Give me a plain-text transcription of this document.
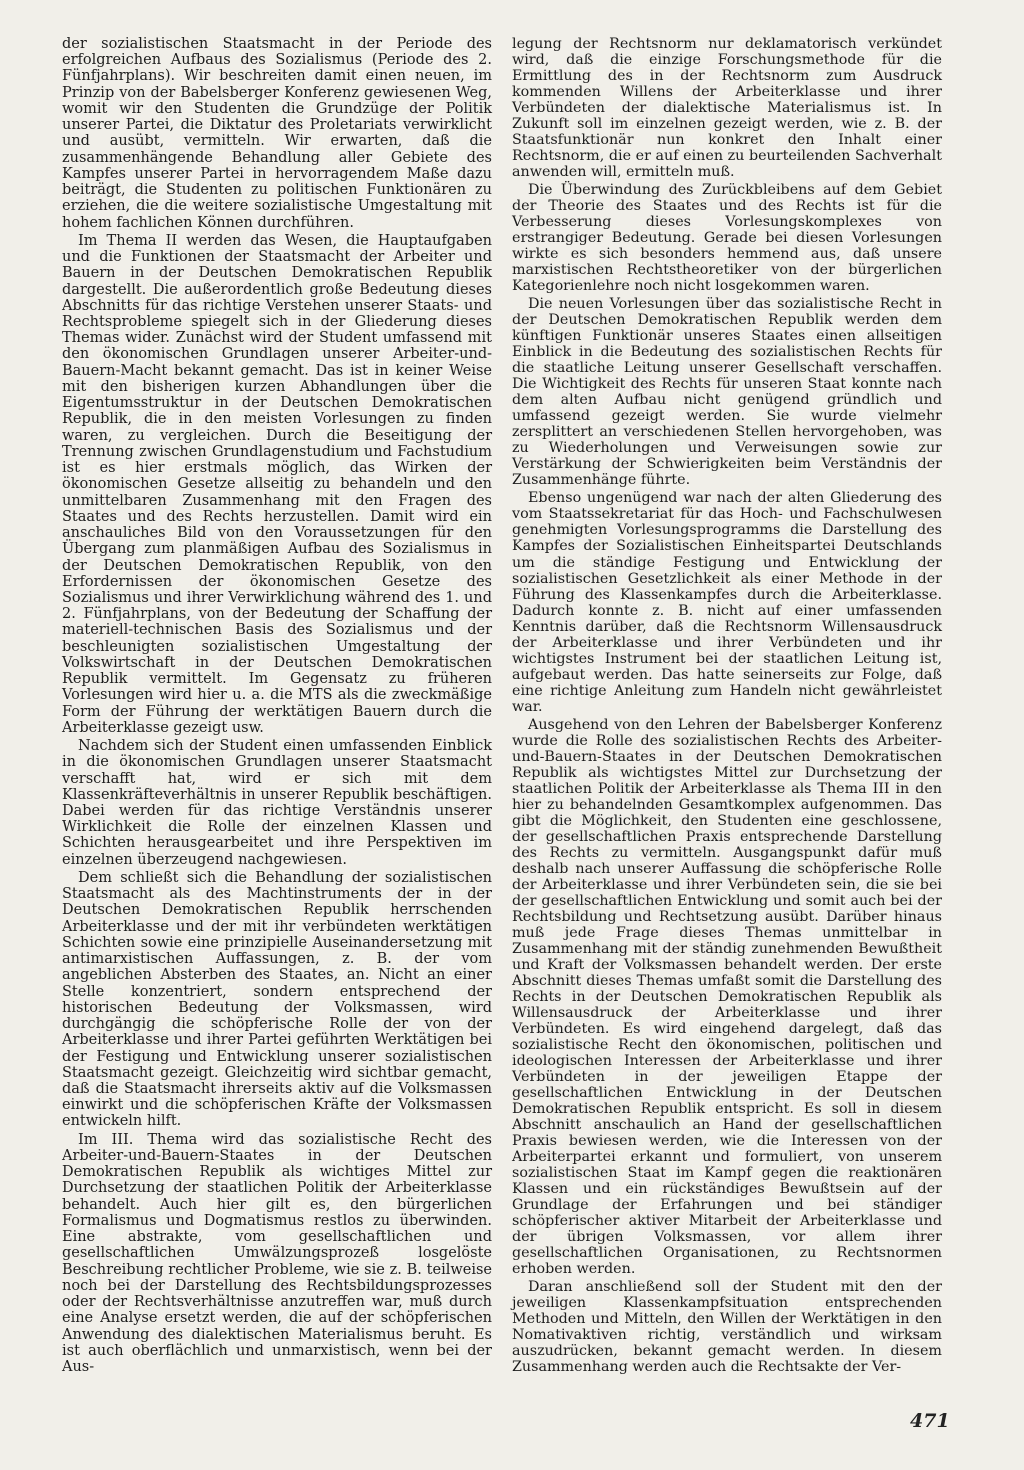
der sozialistischen Staatsmacht in der Periode des erfolgreichen Aufbaus des Sozialismus (Periode des 2. Fünfjahrplans). Wir beschreiten damit einen neuen, im Prinzip von der Babelsberger Konferenz gewiesenen Weg, womit wir den Studenten die Grundzüge der Politik unserer Partei, die Diktatur des Proletariats verwirklicht und ausübt, vermitteln. Wir erwarten, daß die zusammenhängende Behandlung aller Gebiete des Kampfes unserer Partei in hervorragendem Maße dazu beiträgt, die Studenten zu politischen Funktionären zu erziehen, die die weitere sozialistische Umgestaltung mit hohem fachlichen Können durchführen.

Im Thema II werden das Wesen, die Hauptaufgaben und die Funktionen der Staatsmacht der Arbeiter und Bauern in der Deutschen Demokratischen Republik dargestellt. Die außerordentlich große Bedeutung dieses Abschnitts für das richtige Verstehen unserer Staats- und Rechtsprobleme spiegelt sich in der Gliederung dieses Themas wider. Zunächst wird der Student umfassend mit den ökonomischen Grundlagen unserer Arbeiter-und-Bauern-Macht bekannt gemacht. Das ist in keiner Weise mit den bisherigen kurzen Abhandlungen über die Eigentumsstruktur in der Deutschen Demokratischen Republik, die in den meisten Vorlesungen zu finden waren, zu vergleichen. Durch die Beseitigung der Trennung zwischen Grundlagenstudium und Fachstudium ist es hier erstmals möglich, das Wirken der ökonomischen Gesetze allseitig zu behandeln und den unmittelbaren Zusammenhang mit den Fragen des Staates und des Rechts herzustellen. Damit wird ein anschauliches Bild von den Voraussetzungen für den Übergang zum planmäßigen Aufbau des Sozialismus in der Deutschen Demokratischen Republik, von den Erfordernissen der ökonomischen Gesetze des Sozialismus und ihrer Verwirklichung während des 1. und 2. Fünfjahrplans, von der Bedeutung der Schaffung der materiell-technischen Basis des Sozialismus und der beschleunigten sozialistischen Umgestaltung der Volkswirtschaft in der Deutschen Demokratischen Republik vermittelt. Im Gegensatz zu früheren Vorlesungen wird hier u. a. die MTS als die zweckmäßige Form der Führung der werktätigen Bauern durch die Arbeiterklasse gezeigt usw.

Nachdem sich der Student einen umfassenden Einblick in die ökonomischen Grundlagen unserer Staatsmacht verschafft hat, wird er sich mit dem Klassenkräfteverhältnis in unserer Republik beschäftigen. Dabei werden für das richtige Verständnis unserer Wirklichkeit die Rolle der einzelnen Klassen und Schichten herausgearbeitet und ihre Perspektiven im einzelnen überzeugend nachgewiesen.

Dem schließt sich die Behandlung der sozialistischen Staatsmacht als des Machtinstruments der in der Deutschen Demokratischen Republik herrschenden Arbeiterklasse und der mit ihr verbündeten werktätigen Schichten sowie eine prinzipielle Auseinandersetzung mit antimarxistischen Auffassungen, z. B. der vom angeblichen Absterben des Staates, an. Nicht an einer Stelle konzentriert, sondern entsprechend der historischen Bedeutung der Volksmassen, wird durchgängig die schöpferische Rolle der von der Arbeiterklasse und ihrer Partei geführten Werktätigen bei der Festigung und Entwicklung unserer sozialistischen Staatsmacht gezeigt. Gleichzeitig wird sichtbar gemacht, daß die Staatsmacht ihrerseits aktiv auf die Volksmassen einwirkt und die schöpferischen Kräfte der Volksmassen entwickeln hilft.

Im III. Thema wird das sozialistische Recht des Arbeiter-und-Bauern-Staates in der Deutschen Demokratischen Republik als wichtiges Mittel zur Durchsetzung der staatlichen Politik der Arbeiterklasse behandelt. Auch hier gilt es, den bürgerlichen Formalismus und Dogmatismus restlos zu überwinden. Eine abstrakte, vom gesellschaftlichen und gesellschaftlichen Umwälzungsprozeß losgelöste Beschreibung rechtlicher Probleme, wie sie z. B. teilweise noch bei der Darstellung des Rechtsbildungsprozesses oder der Rechtsverhältnisse anzutreffen war, muß durch eine Analyse ersetzt werden, die auf der schöpferischen Anwendung des dialektischen Materialismus beruht. Es ist auch oberflächlich und unmarxistisch, wenn bei der Aus-

legung der Rechtsnorm nur deklamatorisch verkündet wird, daß die einzige Forschungsmethode für die Ermittlung des in der Rechtsnorm zum Ausdruck kommenden Willens der Arbeiterklasse und ihrer Verbündeten der dialektische Materialismus ist. In Zukunft soll im einzelnen gezeigt werden, wie z. B. der Staatsfunktionär nun konkret den Inhalt einer Rechtsnorm, die er auf einen zu beurteilenden Sachverhalt anwenden will, ermitteln muß.

Die Überwindung des Zurückbleibens auf dem Gebiet der Theorie des Staates und des Rechts ist für die Verbesserung dieses Vorlesungskomplexes von erstrangiger Bedeutung. Gerade bei diesen Vorlesungen wirkte es sich besonders hemmend aus, daß unsere marxistischen Rechtstheoretiker von der bürgerlichen Kategorienlehre noch nicht losgekommen waren.

Die neuen Vorlesungen über das sozialistische Recht in der Deutschen Demokratischen Republik werden dem künftigen Funktionär unseres Staates einen allseitigen Einblick in die Bedeutung des sozialistischen Rechts für die staatliche Leitung unserer Gesellschaft verschaffen. Die Wichtigkeit des Rechts für unseren Staat konnte nach dem alten Aufbau nicht genügend gründlich und umfassend gezeigt werden. Sie wurde vielmehr zersplittert an verschiedenen Stellen hervorgehoben, was zu Wiederholungen und Verweisungen sowie zur Verstärkung der Schwierigkeiten beim Verständnis der Zusammenhänge führte.

Ebenso ungenügend war nach der alten Gliederung des vom Staatssekretariat für das Hoch- und Fachschulwesen genehmigten Vorlesungsprogramms die Darstellung des Kampfes der Sozialistischen Einheitspartei Deutschlands um die ständige Festigung und Entwicklung der sozialistischen Gesetzlichkeit als einer Methode in der Führung des Klassenkampfes durch die Arbeiterklasse. Dadurch konnte z. B. nicht auf einer umfassenden Kenntnis darüber, daß die Rechtsnorm Willensausdruck der Arbeiterklasse und ihrer Verbündeten und ihr wichtigstes Instrument bei der staatlichen Leitung ist, aufgebaut werden. Das hatte seinerseits zur Folge, daß eine richtige Anleitung zum Handeln nicht gewährleistet war.

Ausgehend von den Lehren der Babelsberger Konferenz wurde die Rolle des sozialistischen Rechts des Arbeiter-und-Bauern-Staates in der Deutschen Demokratischen Republik als wichtigstes Mittel zur Durchsetzung der staatlichen Politik der Arbeiterklasse als Thema III in den hier zu behandelnden Gesamtkomplex aufgenommen. Das gibt die Möglichkeit, den Studenten eine geschlossene, der gesellschaftlichen Praxis entsprechende Darstellung des Rechts zu vermitteln. Ausgangspunkt dafür muß deshalb nach unserer Auffassung die schöpferische Rolle der Arbeiterklasse und ihrer Verbündeten sein, die sie bei der gesellschaftlichen Entwicklung und somit auch bei der Rechtsbildung und Rechtsetzung ausübt. Darüber hinaus muß jede Frage dieses Themas unmittelbar in Zusammenhang mit der ständig zunehmenden Bewußtheit und Kraft der Volksmassen behandelt werden. Der erste Abschnitt dieses Themas umfaßt somit die Darstellung des Rechts in der Deutschen Demokratischen Republik als Willensausdruck der Arbeiterklasse und ihrer Verbündeten. Es wird eingehend dargelegt, daß das sozialistische Recht den ökonomischen, politischen und ideologischen Interessen der Arbeiterklasse und ihrer Verbündeten in der jeweiligen Etappe der gesellschaftlichen Entwicklung in der Deutschen Demokratischen Republik entspricht. Es soll in diesem Abschnitt anschaulich an Hand der gesellschaftlichen Praxis bewiesen werden, wie die Interessen von der Arbeiterpartei erkannt und formuliert, von unserem sozialistischen Staat im Kampf gegen die reaktionären Klassen und ein rückständiges Bewußtsein auf der Grundlage der Erfahrungen und bei ständiger schöpferischer aktiver Mitarbeit der Arbeiterklasse und der übrigen Volksmassen, vor allem ihrer gesellschaftlichen Organisationen, zu Rechtsnormen erhoben werden.

Daran anschließend soll der Student mit den der jeweiligen Klassenkampfsituation entsprechenden Methoden und Mitteln, den Willen der Werktätigen in den Nomativaktiven richtig, verständlich und wirksam auszudrücken, bekannt gemacht werden. In diesem Zusammenhang werden auch die Rechtsakte der Ver-

471
